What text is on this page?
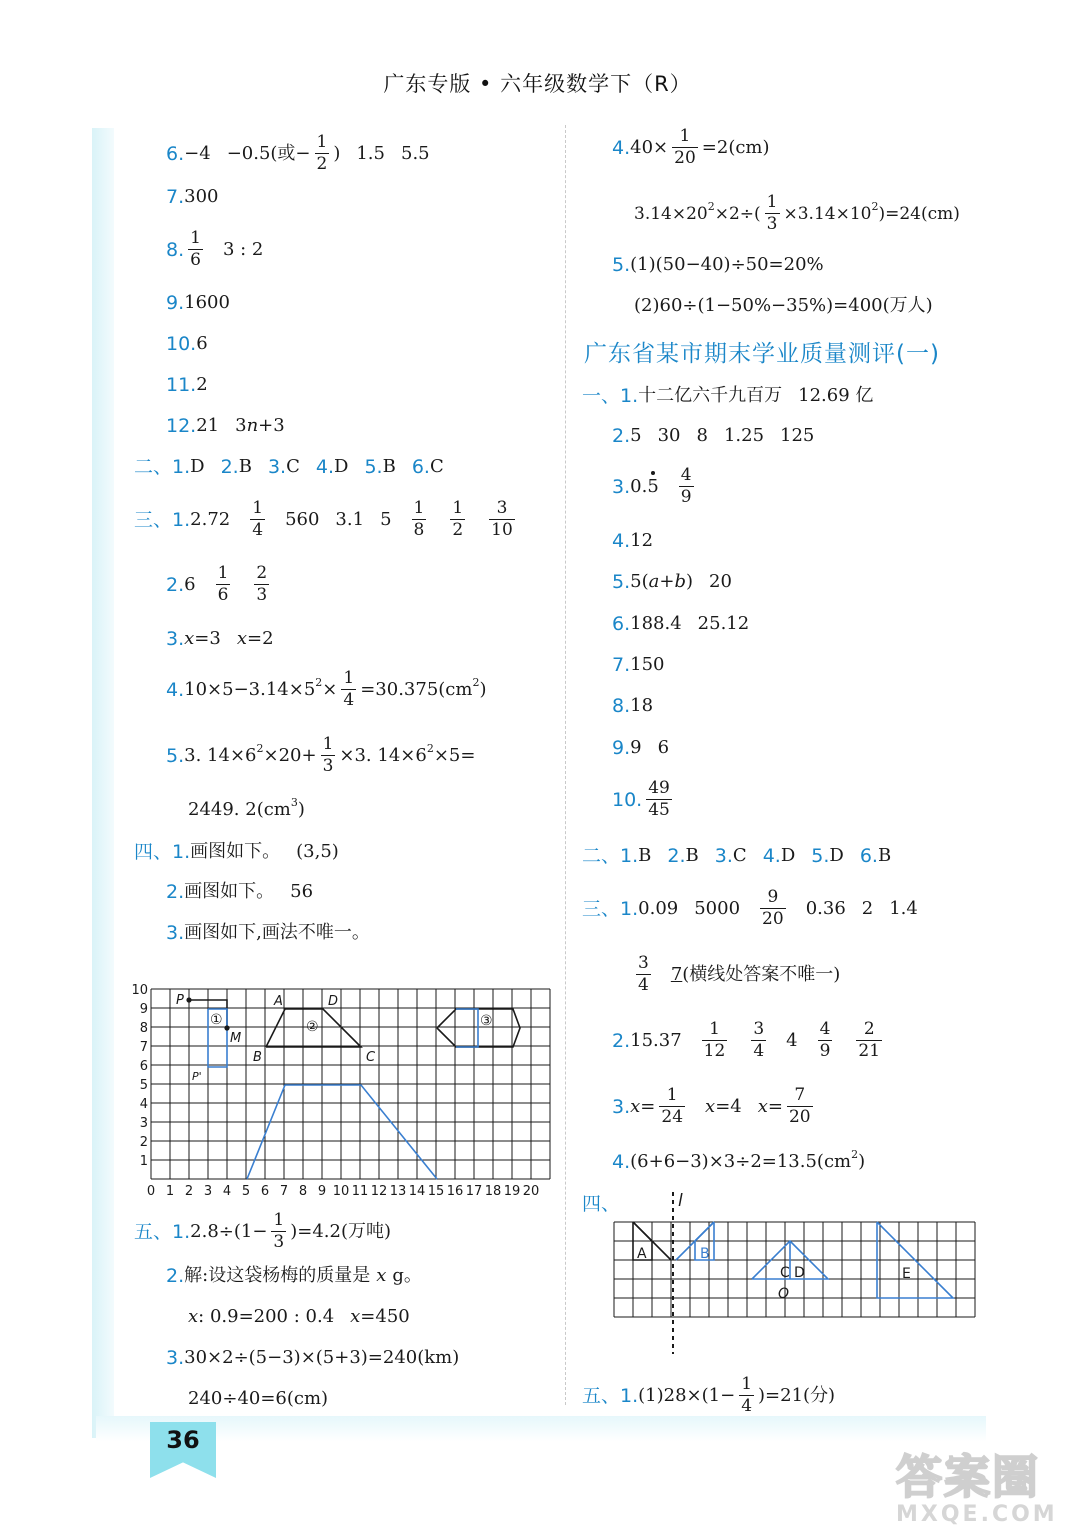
广东专版 • 六年级数学下（R）
6. −4 −0.5(或− $\frac{1}{2}$ ) 1.5 5.5
7. 300
8. $\frac{1}{6} 3$ : 2
9. 1600
10. 6
11. 2
12. 21 3 n +3
二、 1. D 2. B 3. C 4. D 5. B 6. C
三、 1. $2.72 \frac{1}{4} 560$ 3.1 $5 \frac{1}{8} \frac{1}{2} \frac{3}{10}$
2. $6 \frac{1}{6} \frac{2}{3}$
3. x =3 x =2
4. 10×5−3.14×5 $2 \times \frac{1}{4} =30.375(cm$ 2 )
5. 3. 14×6 $2 \times 20+ \frac{1}{3} \times 3$. 14×6 2 ×5=
2449. 2(cm 3 )
四、 1. 画图如下。 (3,5)
2. 画图如下。 56
3. 画图如下,画法不唯一。
0 1 2 3 4 5 6 7 8 9 10 11 12 13 14 15 16 17 18 19 20
1
2
3
4
5
6
7
8
9
10
P
P'
M
A
B	C
D
①	②	③
五、 1. $2.8\div(1- \frac{1}{3} )=4.2$(万吨)
2. 解:设这袋杨梅的质量是 x g。
x : 0.9=200 : 0.4 x =450
3. 30×2÷(5−3)×(5+3)=240(km)
240÷40=6(cm)
4. $40\times \frac{1}{20} =2(cm)$
3.14×20 $2 \times 2\div( \frac{1}{3} \times 3.14\times 10$ 2 )=24(cm)
5. (1)(50−40)÷50=20%
(2)60÷(1−50%−35%)=400(万人)
广东省某市期末学业质量测评(一)
一、 1. 十二亿六千九百万 12.69 亿
2. 5 30 8 1.25 125
3. 0. $5 \frac{4}{9}$
4. 12
5. 5( a + b ) 20
6. 188.4 25.12
7. 150
8. 18
9. 9 6
10. $\frac{49}{45}$
二、 1. B 2. B 3. C 4. D 5. D 6. B
三、 1. 0.09 $5000 \frac{9}{20} 0.36$ 2 1.4
$\frac{3}{4} 7$ (横线处答案不唯一)
2. $15.37 \frac{1}{12} \frac{3}{4} 4 \frac{4}{9} \frac{2}{21}$
3. $x = \frac{1}{24}$ x =4 $x = \frac{7}{20}$
4. (6+6−3)×3÷2=13.5(cm 2 )
四、	l
A	B
C D	E
O
五、 1. $(1)28\times(1- \frac{1}{4} )=21$(分)
36
答案圈
MXQE.COM
